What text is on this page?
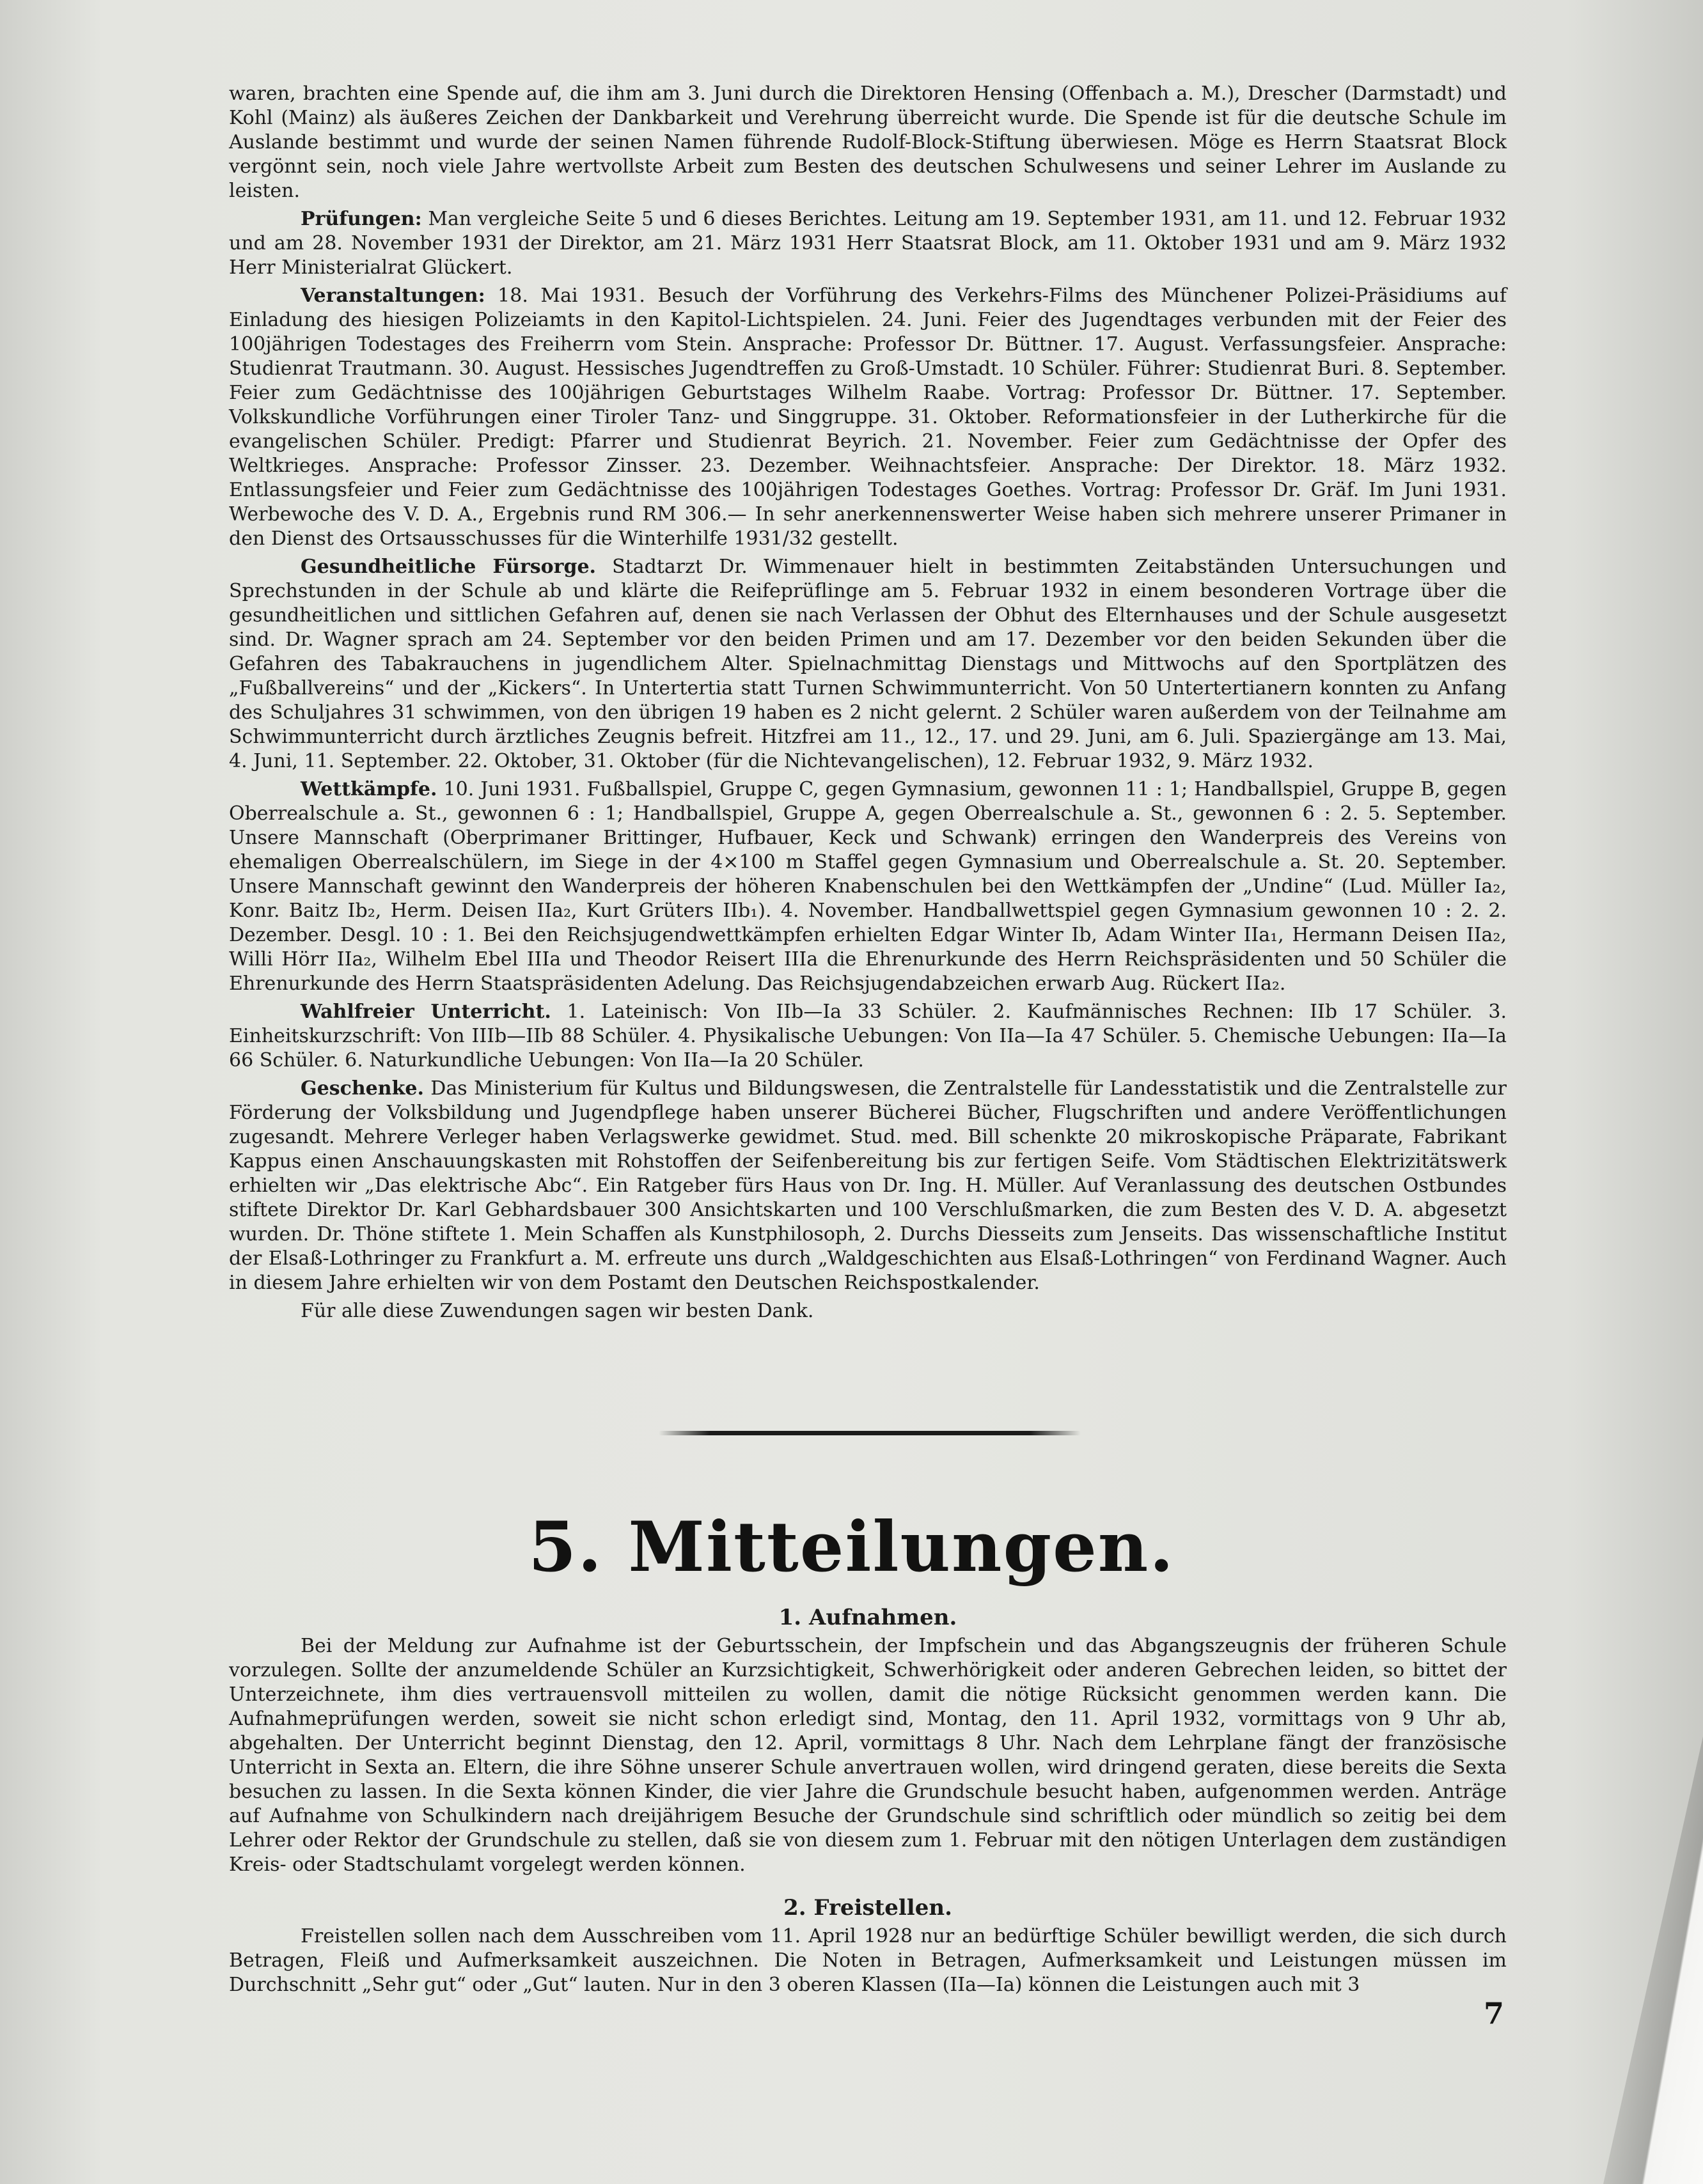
waren, brachten eine Spende auf, die ihm am 3. Juni durch die Direktoren Hensing (Offenbach a. M.), Drescher (Darmstadt) und Kohl (Mainz) als äußeres Zeichen der Dankbarkeit und Verehrung überreicht wurde. Die Spende ist für die deutsche Schule im Auslande bestimmt und wurde der seinen Namen führende Rudolf-Block-Stiftung überwiesen. Möge es Herrn Staatsrat Block vergönnt sein, noch viele Jahre wertvollste Arbeit zum Besten des deutschen Schulwesens und seiner Lehrer im Auslande zu leisten.

Prüfungen: Man vergleiche Seite 5 und 6 dieses Berichtes. Leitung am 19. September 1931, am 11. und 12. Februar 1932 und am 28. November 1931 der Direktor, am 21. März 1931 Herr Staatsrat Block, am 11. Oktober 1931 und am 9. März 1932 Herr Ministerialrat Glückert.

Veranstaltungen: 18. Mai 1931. Besuch der Vorführung des Verkehrs-Films des Münchener Polizei-Präsidiums auf Einladung des hiesigen Polizeiamts in den Kapitol-Lichtspielen. 24. Juni. Feier des Jugendtages verbunden mit der Feier des 100jährigen Todestages des Freiherrn vom Stein. Ansprache: Professor Dr. Büttner. 17. August. Verfassungsfeier. Ansprache: Studienrat Trautmann. 30. August. Hessisches Jugendtreffen zu Groß-Umstadt. 10 Schüler. Führer: Studienrat Buri. 8. September. Feier zum Gedächtnisse des 100jährigen Geburtstages Wilhelm Raabe. Vortrag: Professor Dr. Büttner. 17. September. Volkskundliche Vorführungen einer Tiroler Tanz- und Singgruppe. 31. Oktober. Reformationsfeier in der Lutherkirche für die evangelischen Schüler. Predigt: Pfarrer und Studienrat Beyrich. 21. November. Feier zum Gedächtnisse der Opfer des Weltkrieges. Ansprache: Professor Zinsser. 23. Dezember. Weihnachtsfeier. Ansprache: Der Direktor. 18. März 1932. Entlassungsfeier und Feier zum Gedächtnisse des 100jährigen Todestages Goethes. Vortrag: Professor Dr. Gräf. Im Juni 1931. Werbewoche des V. D. A., Ergebnis rund RM 306.— In sehr anerkennenswerter Weise haben sich mehrere unserer Primaner in den Dienst des Ortsausschusses für die Winterhilfe 1931/32 gestellt.

Gesundheitliche Fürsorge. Stadtarzt Dr. Wimmenauer hielt in bestimmten Zeitabständen Untersuchungen und Sprechstunden in der Schule ab und klärte die Reifeprüflinge am 5. Februar 1932 in einem besonderen Vortrage über die gesundheitlichen und sittlichen Gefahren auf, denen sie nach Verlassen der Obhut des Elternhauses und der Schule ausgesetzt sind. Dr. Wagner sprach am 24. September vor den beiden Primen und am 17. Dezember vor den beiden Sekunden über die Gefahren des Tabakrauchens in jugendlichem Alter. Spielnachmittag Dienstags und Mittwochs auf den Sportplätzen des „Fußballvereins“ und der „Kickers“. In Untertertia statt Turnen Schwimmunterricht. Von 50 Untertertianern konnten zu Anfang des Schuljahres 31 schwimmen, von den übrigen 19 haben es 2 nicht gelernt. 2 Schüler waren außerdem von der Teilnahme am Schwimmunterricht durch ärztliches Zeugnis befreit. Hitzfrei am 11., 12., 17. und 29. Juni, am 6. Juli. Spaziergänge am 13. Mai, 4. Juni, 11. September. 22. Oktober, 31. Oktober (für die Nichtevangelischen), 12. Februar 1932, 9. März 1932.

Wettkämpfe. 10. Juni 1931. Fußballspiel, Gruppe C, gegen Gymnasium, gewonnen 11 : 1; Handballspiel, Gruppe B, gegen Oberrealschule a. St., gewonnen 6 : 1; Handballspiel, Gruppe A, gegen Oberrealschule a. St., gewonnen 6 : 2. 5. September. Unsere Mannschaft (Oberprimaner Brittinger, Hufbauer, Keck und Schwank) erringen den Wanderpreis des Vereins von ehemaligen Oberrealschülern, im Siege in der 4×100 m Staffel gegen Gymnasium und Oberrealschule a. St. 20. September. Unsere Mannschaft gewinnt den Wanderpreis der höheren Knabenschulen bei den Wettkämpfen der „Undine“ (Lud. Müller Ia₂, Konr. Baitz Ib₂, Herm. Deisen IIa₂, Kurt Grüters IIb₁). 4. November. Handballwettspiel gegen Gymnasium gewonnen 10 : 2. 2. Dezember. Desgl. 10 : 1. Bei den Reichsjugendwettkämpfen erhielten Edgar Winter Ib, Adam Winter IIa₁, Hermann Deisen IIa₂, Willi Hörr IIa₂, Wilhelm Ebel IIIa und Theodor Reisert IIIa die Ehrenurkunde des Herrn Reichspräsidenten und 50 Schüler die Ehrenurkunde des Herrn Staatspräsidenten Adelung. Das Reichsjugendabzeichen erwarb Aug. Rückert IIa₂.

Wahlfreier Unterricht. 1. Lateinisch: Von IIb—Ia 33 Schüler. 2. Kaufmännisches Rechnen: IIb 17 Schüler. 3. Einheitskurzschrift: Von IIIb—IIb 88 Schüler. 4. Physikalische Uebungen: Von IIa—Ia 47 Schüler. 5. Chemische Uebungen: IIa—Ia 66 Schüler. 6. Naturkundliche Uebungen: Von IIa—Ia 20 Schüler.

Geschenke. Das Ministerium für Kultus und Bildungswesen, die Zentralstelle für Landesstatistik und die Zentralstelle zur Förderung der Volksbildung und Jugendpflege haben unserer Bücherei Bücher, Flugschriften und andere Veröffentlichungen zugesandt. Mehrere Verleger haben Verlagswerke gewidmet. Stud. med. Bill schenkte 20 mikroskopische Präparate, Fabrikant Kappus einen Anschauungskasten mit Rohstoffen der Seifenbereitung bis zur fertigen Seife. Vom Städtischen Elektrizitätswerk erhielten wir „Das elektrische Abc“. Ein Ratgeber fürs Haus von Dr. Ing. H. Müller. Auf Veranlassung des deutschen Ostbundes stiftete Direktor Dr. Karl Gebhardsbauer 300 Ansichtskarten und 100 Verschlußmarken, die zum Besten des V. D. A. abgesetzt wurden. Dr. Thöne stiftete 1. Mein Schaffen als Kunstphilosoph, 2. Durchs Diesseits zum Jenseits. Das wissenschaftliche Institut der Elsaß-Lothringer zu Frankfurt a. M. erfreute uns durch „Waldgeschichten aus Elsaß-Lothringen“ von Ferdinand Wagner. Auch in diesem Jahre erhielten wir von dem Postamt den Deutschen Reichspostkalender.

Für alle diese Zuwendungen sagen wir besten Dank.

5. Mitteilungen.

1. Aufnahmen.

Bei der Meldung zur Aufnahme ist der Geburtsschein, der Impfschein und das Abgangszeugnis der früheren Schule vorzulegen. Sollte der anzumeldende Schüler an Kurzsichtigkeit, Schwerhörigkeit oder anderen Gebrechen leiden, so bittet der Unterzeichnete, ihm dies vertrauensvoll mitteilen zu wollen, damit die nötige Rücksicht genommen werden kann. Die Aufnahmeprüfungen werden, soweit sie nicht schon erledigt sind, Montag, den 11. April 1932, vormittags von 9 Uhr ab, abgehalten. Der Unterricht beginnt Dienstag, den 12. April, vormittags 8 Uhr. Nach dem Lehrplane fängt der französische Unterricht in Sexta an. Eltern, die ihre Söhne unserer Schule anvertrauen wollen, wird dringend geraten, diese bereits die Sexta besuchen zu lassen. In die Sexta können Kinder, die vier Jahre die Grundschule besucht haben, aufgenommen werden. Anträge auf Aufnahme von Schulkindern nach dreijährigem Besuche der Grundschule sind schriftlich oder mündlich so zeitig bei dem Lehrer oder Rektor der Grundschule zu stellen, daß sie von diesem zum 1. Februar mit den nötigen Unterlagen dem zuständigen Kreis- oder Stadtschulamt vorgelegt werden können.

2. Freistellen.

Freistellen sollen nach dem Ausschreiben vom 11. April 1928 nur an bedürftige Schüler bewilligt werden, die sich durch Betragen, Fleiß und Aufmerksamkeit auszeichnen. Die Noten in Betragen, Aufmerksamkeit und Leistungen müssen im Durchschnitt „Sehr gut“ oder „Gut“ lauten. Nur in den 3 oberen Klassen (IIa—Ia) können die Leistungen auch mit 3

7
